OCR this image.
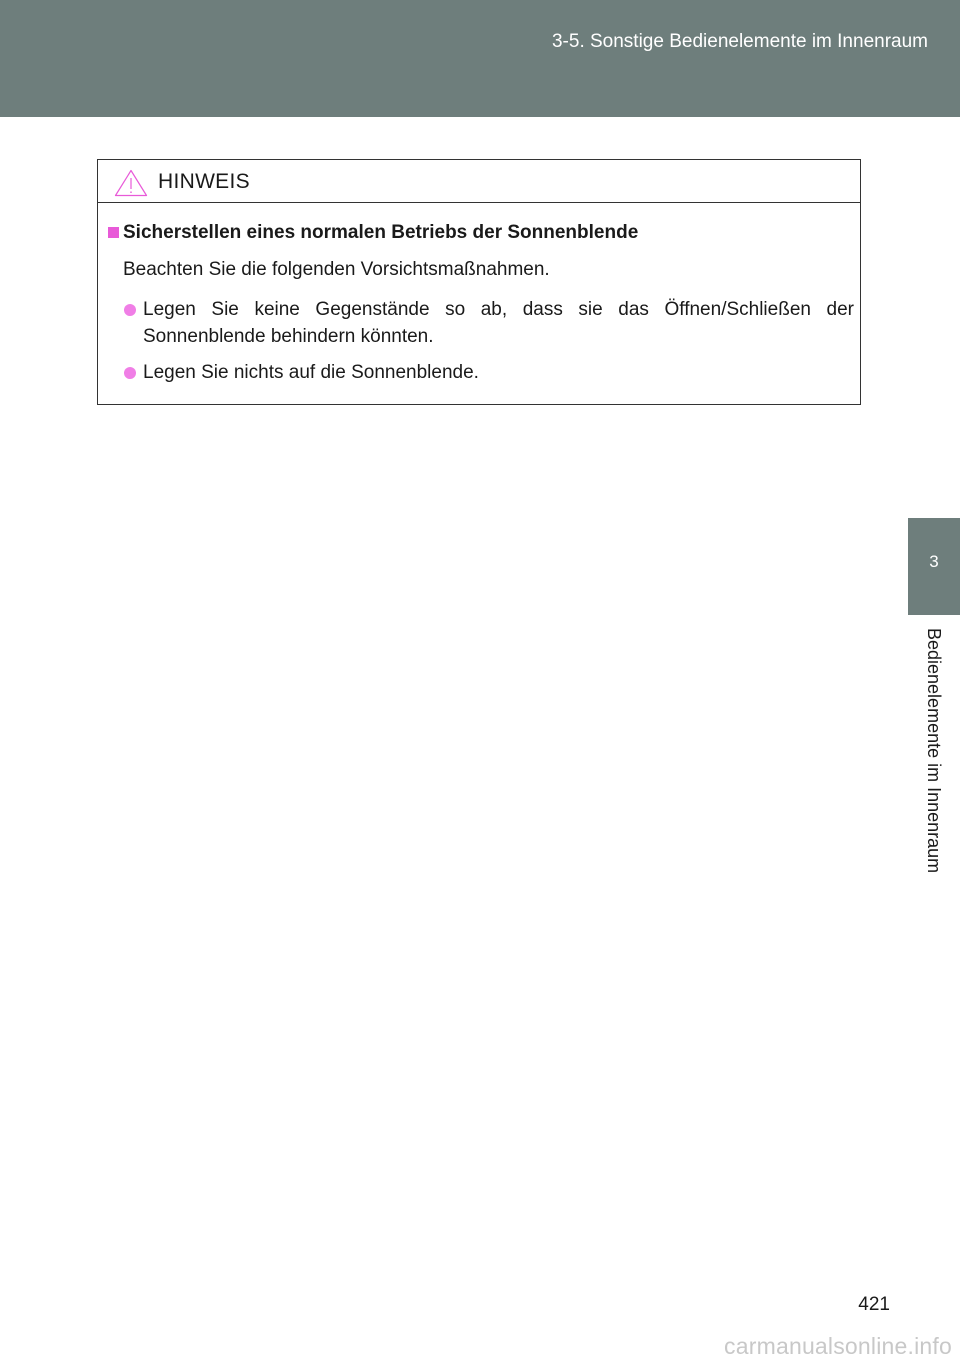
3-5. Sonstige Bedienelemente im Innenraum
3
Bedienelemente im Innenraum
HINWEIS
Sicherstellen eines normalen Betriebs der Sonnenblende
Beachten Sie die folgenden Vorsichtsmaßnahmen.
Legen Sie keine Gegenstände so ab, dass sie das Öffnen/Schließen der Sonnenblende behindern könnten.
Legen Sie nichts auf die Sonnenblende.
421
carmanualsonline.info
